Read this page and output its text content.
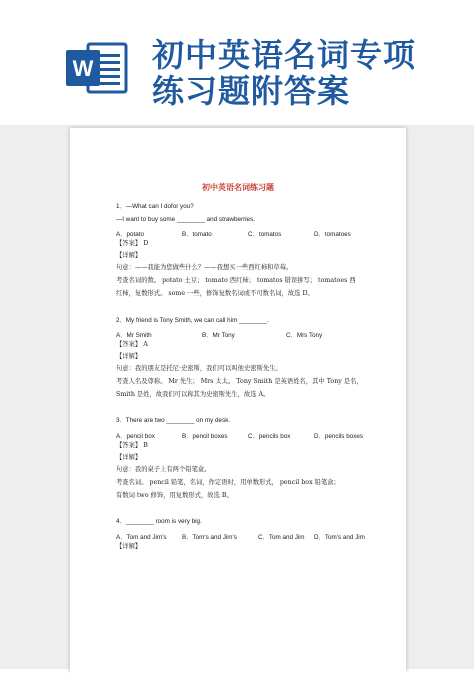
W 初中英语名词专项
练习题附答案
初中英语名词练习题
1．―What can I dofor you?
―I want to buy some ________ and strawberries.
A．potato	B．tomato	C．tomatos	D．tomatoes
【答案】 D
【详解】
句意：——我能为您做些什么？——我想买一些西红柿和草莓。
考查名词的数。 potato 土豆； tomato 西红柿； tomatos 错误拼写； tomatoes 西
红柿，复数形式。 some 一些，修饰复数名词或不可数名词，故选 D。
2．My friend is Tony Smith, we can call him ________.
A．Mr Smith	B．Mr Tony	C．Mrs Tony
【答案】 A
【详解】
句意：我的朋友是托尼·史密斯，我们可以叫他史密斯先生。
考查人名及尊称。 Mr 先生； Mrs 太太。 Tony Smith 是英语姓名，其中 Tony 是名，
Smith 是姓，故我们可以称其为史密斯先生，故选 A。
3．There are two ________ on my desk.
A．pencil box	B．pencil boxes	C．pencils box	D．pencils boxes
【答案】 B
【详解】
句意：我的桌子上有两个铅笔盒。
考查名词。 pencil 铅笔，名词，作定语时，用单数形式， pencil box 铅笔盒；
有数词 two 修饰，用复数形式，故选 B。
4．________ room is very big.
A．Tom and Jim's B．Tom's and Jim's	C．Tom and Jim D．Tom's and Jim
【详解】
